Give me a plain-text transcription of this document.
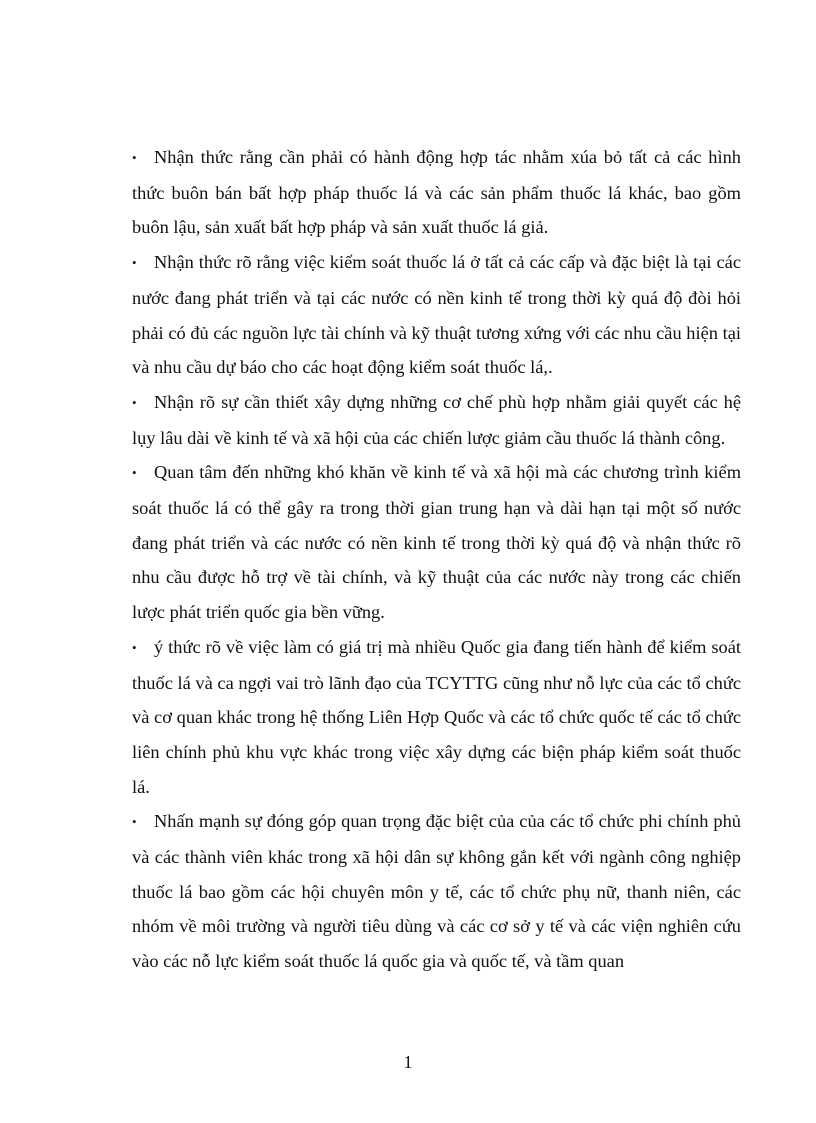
• Nhận thức rằng cần phải có hành động hợp tác nhằm xúa bỏ tất cả các hình thức buôn bán bất hợp pháp thuốc lá và các sản phẩm thuốc lá khác, bao gồm buôn lậu, sản xuất bất hợp pháp và sản xuất thuốc lá giả.

• Nhận thức rõ rằng việc kiểm soát thuốc lá ở tất cả các cấp và đặc biệt là tại các nước đang phát triển và tại các nước có nền kinh tế trong thời kỳ quá độ đòi hỏi phải có đủ các nguồn lực tài chính và kỹ thuật tương xứng với các nhu cầu hiện tại và nhu cầu dự báo cho các hoạt động kiểm soát thuốc lá,.

• Nhận rõ sự cần thiết xây dựng những cơ chế phù hợp nhằm giải quyết các hệ lụy lâu dài về kinh tế và xã hội của các chiến lược giảm cầu thuốc lá thành công.

• Quan tâm đến những khó khăn về kinh tế và xã hội mà các chương trình kiểm soát thuốc lá có thể gây ra trong thời gian trung hạn và dài hạn tại một số nước đang phát triển và các nước có nền kinh tế trong thời kỳ quá độ và nhận thức rõ nhu cầu được hỗ trợ về tài chính, và kỹ thuật của các nước này trong các chiến lược phát triển quốc gia bền vững.

• ý thức rõ về việc làm có giá trị mà nhiều Quốc gia đang tiến hành để kiểm soát thuốc lá và ca ngợi vai trò lãnh đạo của TCYTTG cũng như nỗ lực của các tổ chức và cơ quan khác trong hệ thống Liên Hợp Quốc và các tổ chức quốc tế các tổ chức liên chính phủ khu vực khác trong việc xây dựng các biện pháp kiểm soát thuốc lá.

• Nhấn mạnh sự đóng góp quan trọng đặc biệt của của các tổ chức phi chính phủ và các thành viên khác trong xã hội dân sự không gắn kết với ngành công nghiệp thuốc lá bao gồm các hội chuyên môn y tế, các tổ chức phụ nữ, thanh niên, các nhóm về môi trường và người tiêu dùng và các cơ sở y tế và các viện nghiên cứu vào các nỗ lực kiểm soát thuốc lá quốc gia và quốc tế, và tầm quan

1
